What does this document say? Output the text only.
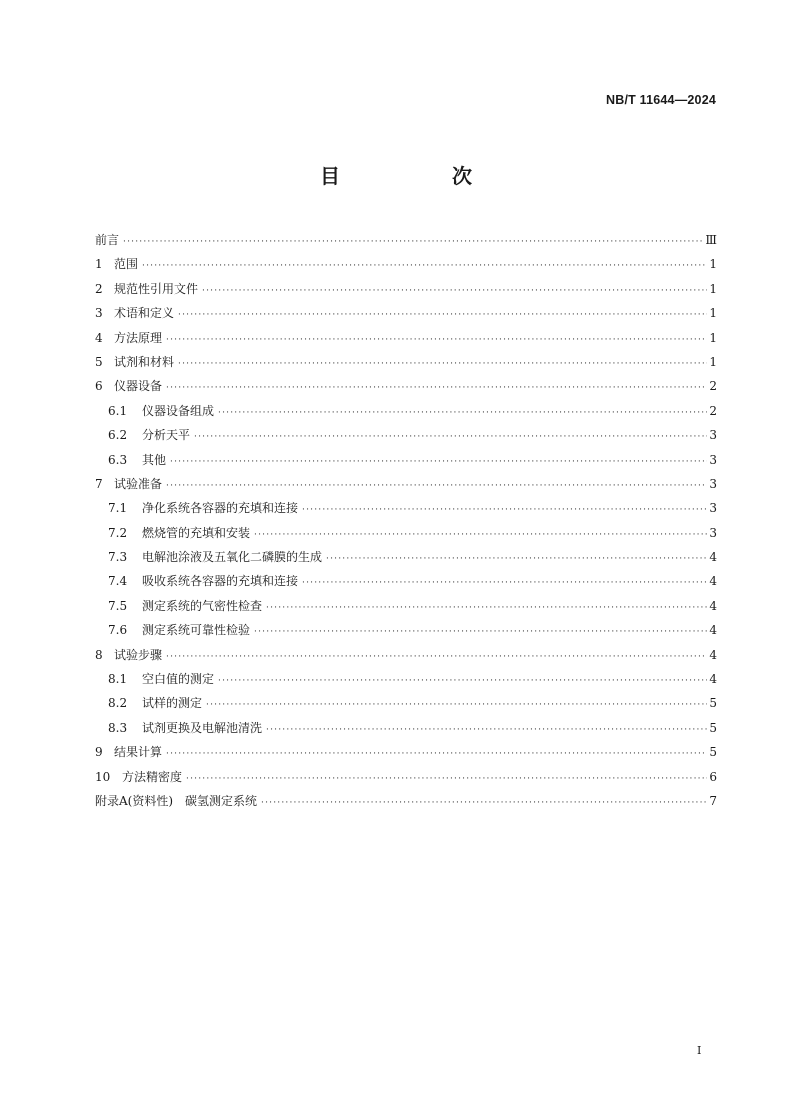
NB/T 11644—2024
目　次
前言 ·····	Ⅲ
1 范围 ·····	1
2 规范性引用文件 ·····	1
3 术语和定义 ·····	1
4 方法原理 ·····	1
5 试剂和材料 ·····	1
6 仪器设备 ·····	2
6.1	仪器设备组成 ·····	2
6.2	分析天平 ·····	3
6.3	其他 ·····	3
7 试验准备 ·····	3
7.1	净化系统各容器的充填和连接 ·····	3
7.2	燃烧管的充填和安装 ·····	3
7.3	电解池涂液及五氧化二磷膜的生成 ·····	4
7.4	吸收系统各容器的充填和连接 ·····	4
7.5	测定系统的气密性检查 ·····	4
7.6	测定系统可靠性检验 ·····	4
8 试验步骤 ·····	4
8.1	空白值的测定 ·····	4
8.2	试样的测定 ·····	5
8.3	试剂更换及电解池清洗 ·····	5
9 结果计算 ·····	5
10 方法精密度 ·····	6
附录A(资料性)　碳氢测定系统 ·····	7
I
